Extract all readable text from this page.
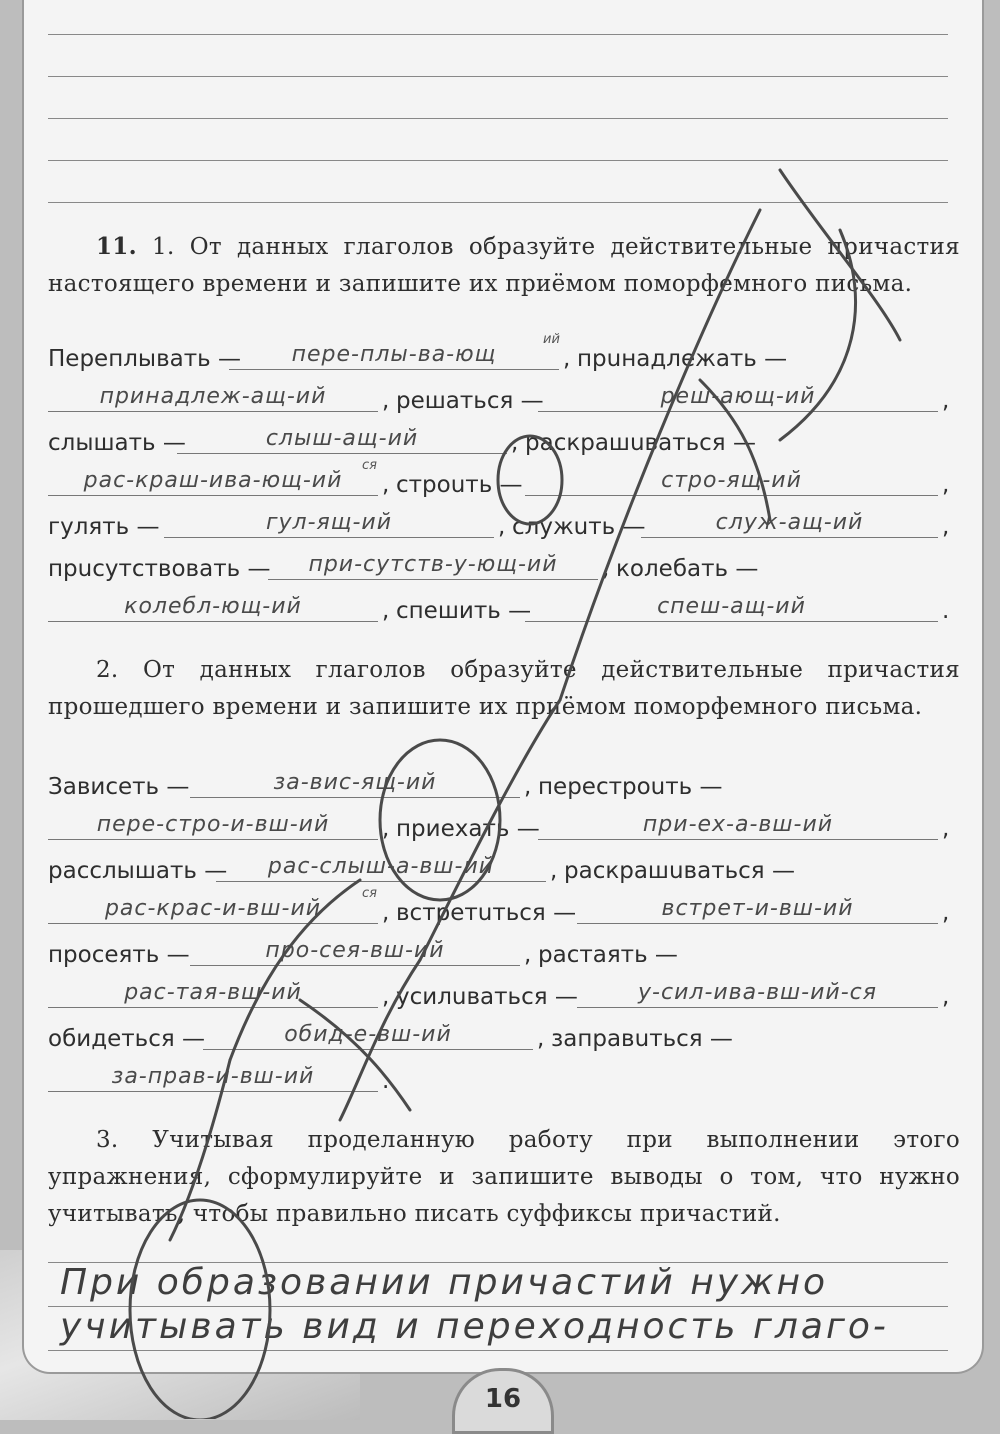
11. 1. От данных глаголов образуйте действительные причастия настоящего времени и запишите их приёмом поморфемного письма.
Перeплывать —	пере-плы-ва-ющ
ий
, прuнадлежать —
принадлеж-ащ-ий	, рeшаться —	реш-ающ-ий	,
слышaть —	слыш-ащ-ий	, рaскрашuваться —
рас-краш-ива-ющ-ий
ся
, строuть —	стро-ящ-ий	,
гулять —	гул-ящ-ий	, служuть —	служ-ащ-ий	,
прuсутствовать —	при-сутств-у-ющ-ий	, колeбать —
колебл-ющ-ий	, спeшить —	спеш-ащ-ий	.
2. От данных глаголов образуйте действительные причастия прошедшего времени и запишите их приёмом поморфемного письма.
Зависeть —	за-вис-ящ-ий	, перeстроuть —
пере-стро-и-вш-ий	, приехaть —	при-ех-а-вш-ий	,
рaсслышaть —	рас-слыш-а-вш-ий	, рaскрашuваться —
рас-крас-и-вш-ий
ся
, встретuться —	встрет-и-вш-ий	,
просеять —	про-сея-вш-ий	, рaстаять —
рас-тая-вш-ий	, усилuваться —	у-сил-ива-вш-ий-ся	,
обидeться —	обид-е-вш-ий	, зaправuться —
за-прав-и-вш-ий	.
3. Учитывая проделанную работу при выполнении этого упражнения, сформулируйте и запишите выводы о том, что нужно учитывать, чтобы правильно писать суффиксы причастий.
При образовании причастий нужно
учитывать вид и переходность глаго-
16
